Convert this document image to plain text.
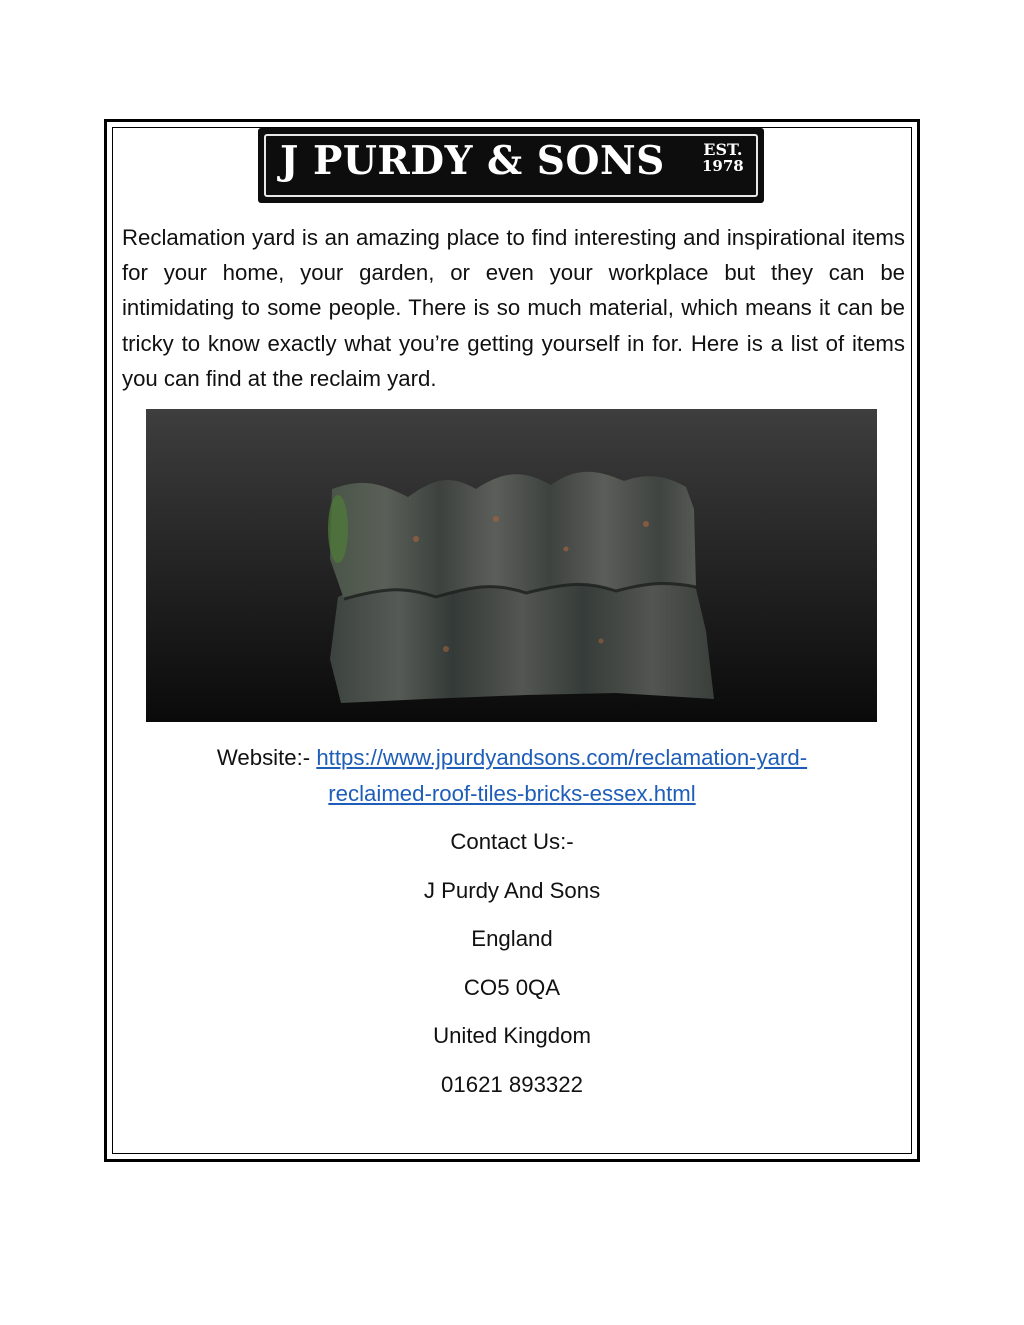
J PURDY & SONS EST.
1978

Reclamation yard is an amazing place to find interesting and inspirational items for your home, your garden, or even your workplace but they can be intimidating to some people. There is so much material, which means it can be tricky to know exactly what you’re getting yourself in for. Here is a list of items you can find at the reclaim yard.

Website:- https://www.jpurdyandsons.com/reclamation-yard-
reclaimed-roof-tiles-bricks-essex.html
Contact Us:-
J Purdy And Sons
England
CO5 0QA
United Kingdom
01621 893322
